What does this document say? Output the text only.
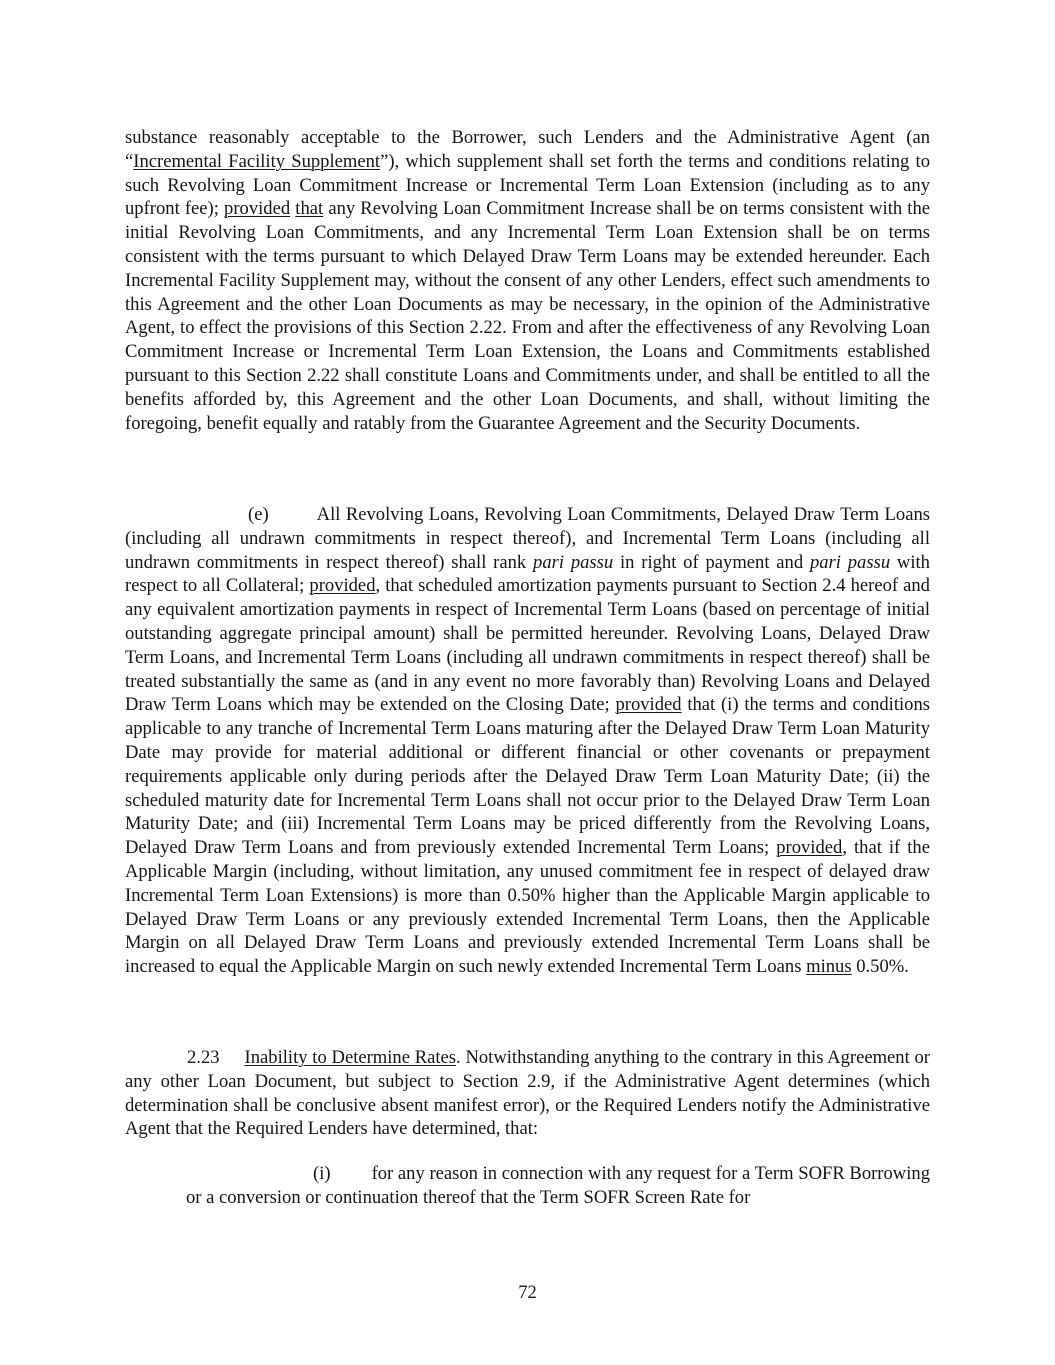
substance reasonably acceptable to the Borrower, such Lenders and the Administrative Agent (an “Incremental Facility Supplement”), which supplement shall set forth the terms and conditions relating to such Revolving Loan Commitment Increase or Incremental Term Loan Extension (including as to any upfront fee); provided that any Revolving Loan Commitment Increase shall be on terms consistent with the initial Revolving Loan Commitments, and any Incremental Term Loan Extension shall be on terms consistent with the terms pursuant to which Delayed Draw Term Loans may be extended hereunder. Each Incremental Facility Supplement may, without the consent of any other Lenders, effect such amendments to this Agreement and the other Loan Documents as may be necessary, in the opinion of the Administrative Agent, to effect the provisions of this Section 2.22. From and after the effectiveness of any Revolving Loan Commitment Increase or Incremental Term Loan Extension, the Loans and Commitments established pursuant to this Section 2.22 shall constitute Loans and Commitments under, and shall be entitled to all the benefits afforded by, this Agreement and the other Loan Documents, and shall, without limiting the foregoing, benefit equally and ratably from the Guarantee Agreement and the Security Documents.

(e)	All Revolving Loans, Revolving Loan Commitments, Delayed Draw Term Loans (including all undrawn commitments in respect thereof), and Incremental Term Loans (including all undrawn commitments in respect thereof) shall rank pari passu in right of payment and pari passu with respect to all Collateral; provided, that scheduled amortization payments pursuant to Section 2.4 hereof and any equivalent amortization payments in respect of Incremental Term Loans (based on percentage of initial outstanding aggregate principal amount) shall be permitted hereunder. Revolving Loans, Delayed Draw Term Loans, and Incremental Term Loans (including all undrawn commitments in respect thereof) shall be treated substantially the same as (and in any event no more favorably than) Revolving Loans and Delayed Draw Term Loans which may be extended on the Closing Date; provided that (i) the terms and conditions applicable to any tranche of Incremental Term Loans maturing after the Delayed Draw Term Loan Maturity Date may provide for material additional or different financial or other covenants or prepayment requirements applicable only during periods after the Delayed Draw Term Loan Maturity Date; (ii) the scheduled maturity date for Incremental Term Loans shall not occur prior to the Delayed Draw Term Loan Maturity Date; and (iii) Incremental Term Loans may be priced differently from the Revolving Loans, Delayed Draw Term Loans and from previously extended Incremental Term Loans; provided, that if the Applicable Margin (including, without limitation, any unused commitment fee in respect of delayed draw Incremental Term Loan Extensions) is more than 0.50% higher than the Applicable Margin applicable to Delayed Draw Term Loans or any previously extended Incremental Term Loans, then the Applicable Margin on all Delayed Draw Term Loans and previously extended Incremental Term Loans shall be increased to equal the Applicable Margin on such newly extended Incremental Term Loans minus 0.50%.

2.23 Inability to Determine Rates. Notwithstanding anything to the contrary in this Agreement or any other Loan Document, but subject to Section 2.9, if the Administrative Agent determines (which determination shall be conclusive absent manifest error), or the Required Lenders notify the Administrative Agent that the Required Lenders have determined, that:

(i) for any reason in connection with any request for a Term SOFR Borrowing or a conversion or continuation thereof that the Term SOFR Screen Rate for

72
